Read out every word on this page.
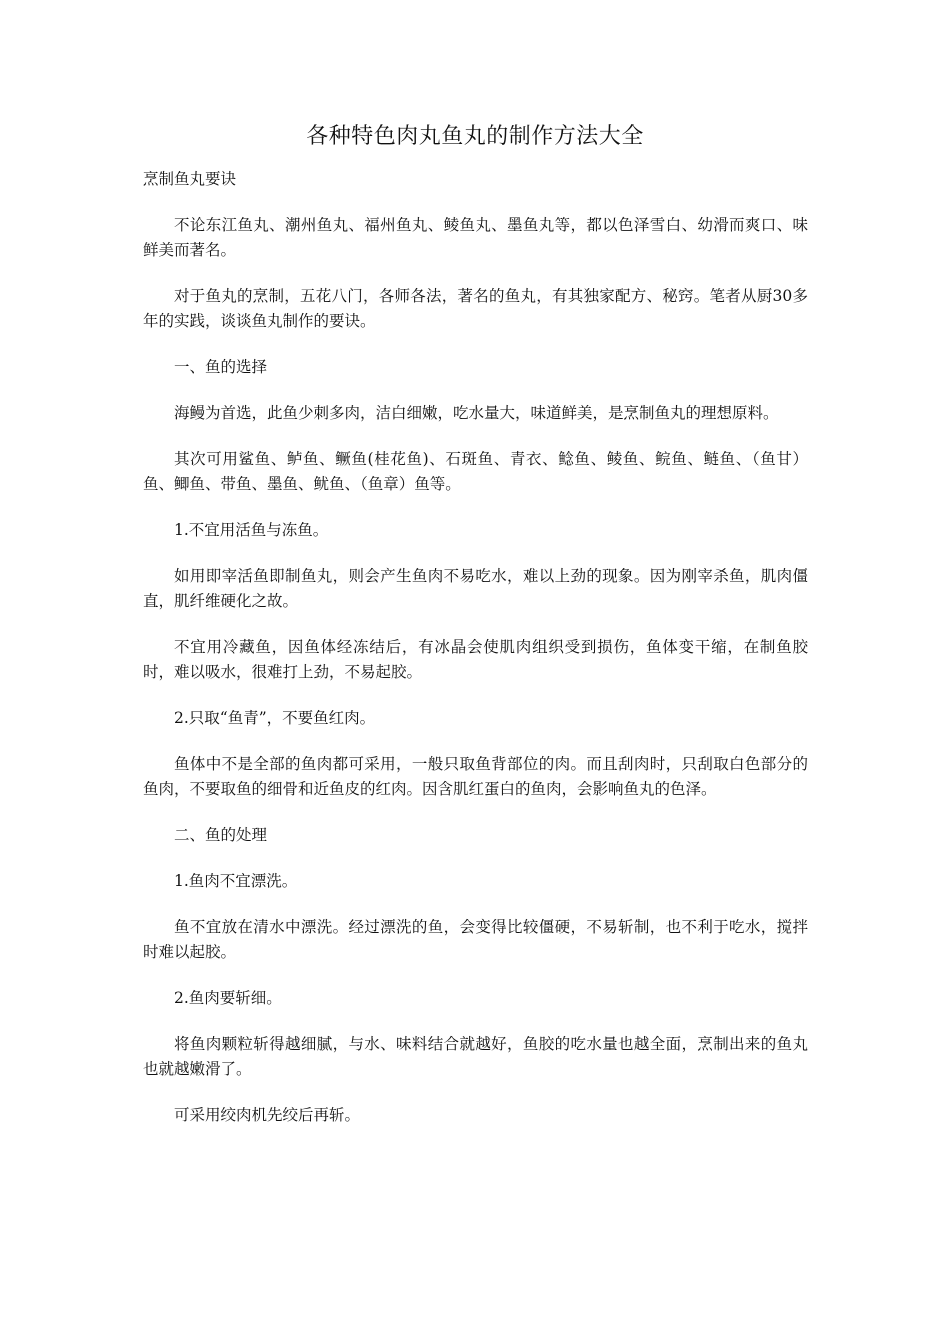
各种特色肉丸鱼丸的制作方法大全
烹制鱼丸要诀

不论东江鱼丸、潮州鱼丸、福州鱼丸、鲮鱼丸、墨鱼丸等，都以色泽雪白、幼滑而爽口、味鲜美而著名。

对于鱼丸的烹制，五花八门，各师各法，著名的鱼丸，有其独家配方、秘窍。笔者从厨30多年的实践，谈谈鱼丸制作的要诀。

一、鱼的选择

海鳗为首选，此鱼少刺多肉，洁白细嫩，吃水量大，味道鲜美，是烹制鱼丸的理想原料。

其次可用鲨鱼、鲈鱼、鳜鱼(桂花鱼)、石斑鱼、青衣、鲶鱼、鲮鱼、鲩鱼、鲢鱼、（鱼甘）鱼、鲫鱼、带鱼、墨鱼、鱿鱼、（鱼章）鱼等。

1.不宜用活鱼与冻鱼。

如用即宰活鱼即制鱼丸，则会产生鱼肉不易吃水，难以上劲的现象。因为刚宰杀鱼，肌肉僵直，肌纤维硬化之故。

不宜用冷藏鱼，因鱼体经冻结后，有冰晶会使肌肉组织受到损伤，鱼体变干缩，在制鱼胶时，难以吸水，很难打上劲，不易起胶。

2.只取“鱼青”，不要鱼红肉。

鱼体中不是全部的鱼肉都可采用，一般只取鱼背部位的肉。而且刮肉时，只刮取白色部分的鱼肉，不要取鱼的细骨和近鱼皮的红肉。因含肌红蛋白的鱼肉，会影响鱼丸的色泽。

二、鱼的处理

1.鱼肉不宜漂洗。

鱼不宜放在清水中漂洗。经过漂洗的鱼，会变得比较僵硬，不易斩制，也不利于吃水，搅拌时难以起胶。

2.鱼肉要斩细。

将鱼肉颗粒斩得越细腻，与水、味料结合就越好，鱼胶的吃水量也越全面，烹制出来的鱼丸也就越嫩滑了。

可采用绞肉机先绞后再斩。
